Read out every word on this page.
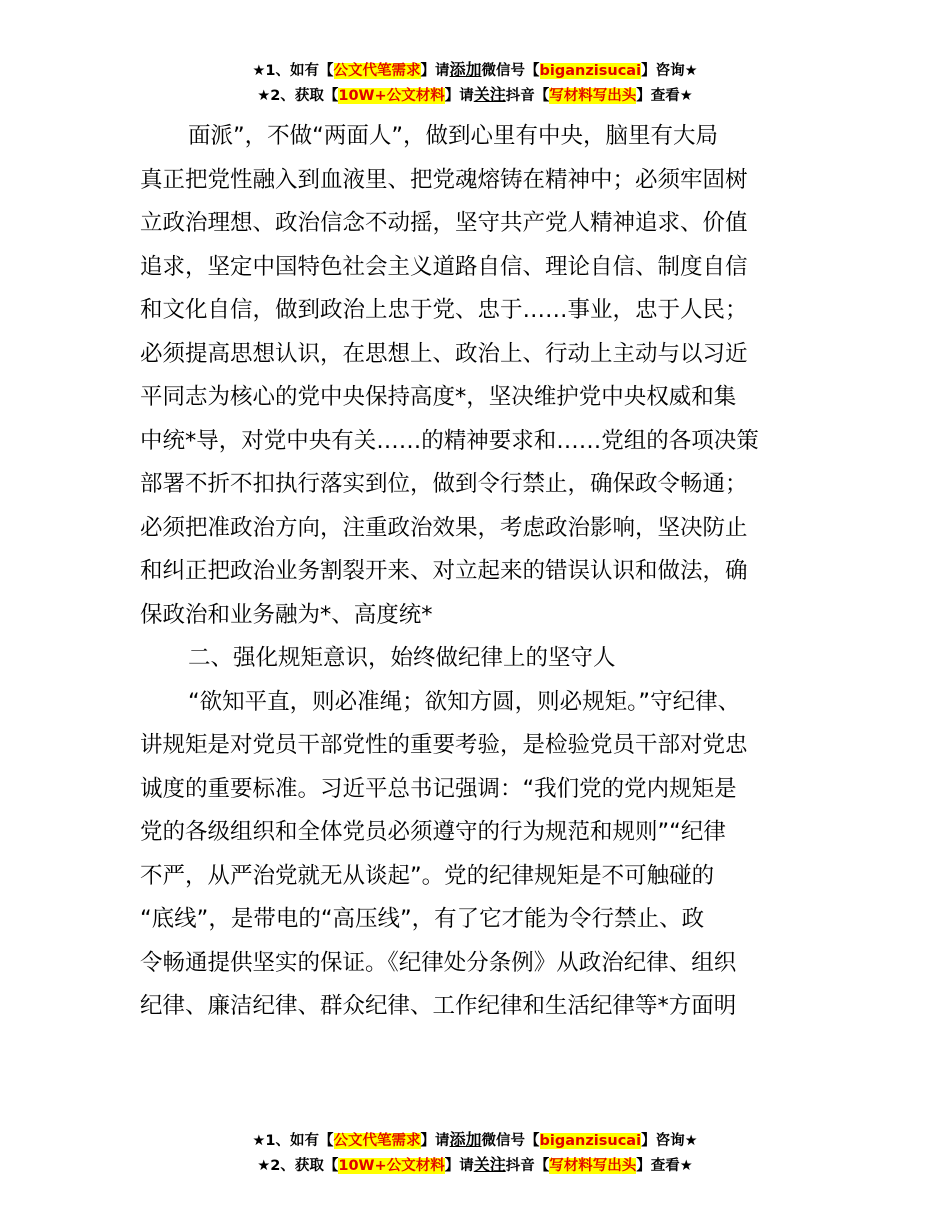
★1、如有【公文代笔需求】请添加微信号【biganzisucai】咨询★
★2、获取【10W+公文材料】请关注抖音【写材料写出头】查看★
面派”，不做“两面人”，做到心里有中央，脑里有大局
真正把党性融入到血液里、把党魂熔铸在精神中；必须牢固树
立政治理想、政治信念不动摇，坚守共产党人精神追求、价值
追求，坚定中国特色社会主义道路自信、理论自信、制度自信
和文化自信，做到政治上忠于党、忠于……事业，忠于人民；
必须提高思想认识，在思想上、政治上、行动上主动与以习近
平同志为核心的党中央保持高度*，坚决维护党中央权威和集
中统*导，对党中央有关……的精神要求和……党组的各项决策
部署不折不扣执行落实到位，做到令行禁止，确保政令畅通；
必须把准政治方向，注重政治效果，考虑政治影响，坚决防止
和纠正把政治业务割裂开来、对立起来的错误认识和做法，确
保政治和业务融为*、高度统*
二、强化规矩意识，始终做纪律上的坚守人
“欲知平直，则必准绳；欲知方圆，则必规矩。”守纪律、
讲规矩是对党员干部党性的重要考验，是检验党员干部对党忠
诚度的重要标准。习近平总书记强调：“我们党的党内规矩是
党的各级组织和全体党员必须遵守的行为规范和规则”“纪律
不严，从严治党就无从谈起”。党的纪律规矩是不可触碰的
“底线”，是带电的“高压线”，有了它才能为令行禁止、政
令畅通提供坚实的保证。《纪律处分条例》从政治纪律、组织
纪律、廉洁纪律、群众纪律、工作纪律和生活纪律等*方面明
★1、如有【公文代笔需求】请添加微信号【biganzisucai】咨询★
★2、获取【10W+公文材料】请关注抖音【写材料写出头】查看★
